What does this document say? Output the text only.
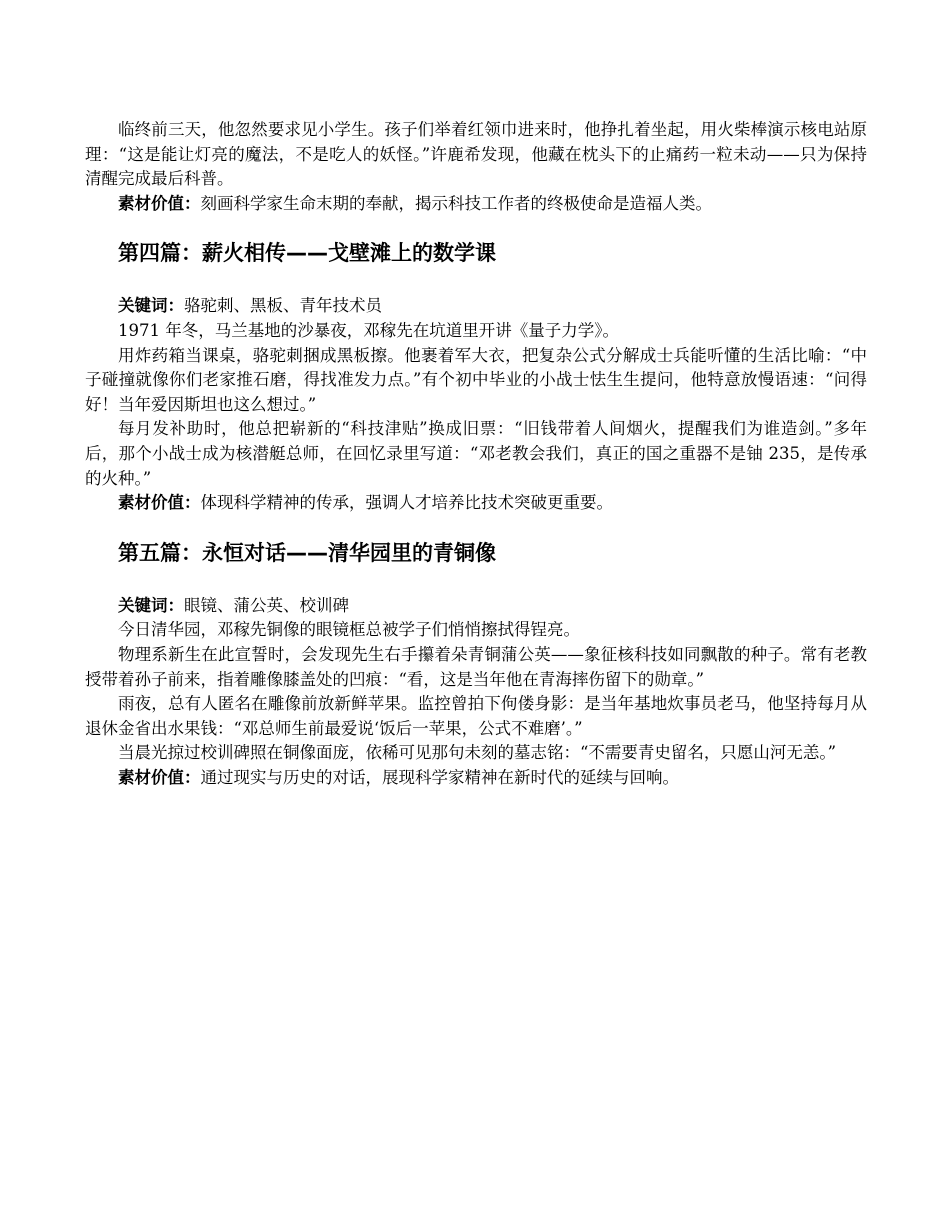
临终前三天，他忽然要求见小学生。孩子们举着红领巾进来时，他挣扎着坐起，用火柴棒演示核电站原理：“这是能让灯亮的魔法，不是吃人的妖怪。”许鹿希发现，他藏在枕头下的止痛药一粒未动——只为保持清醒完成最后科普。

素材价值：刻画科学家生命末期的奉献，揭示科技工作者的终极使命是造福人类。

第四篇：薪火相传——戈壁滩上的数学课

关键词：骆驼刺、黑板、青年技术员

1971 年冬，马兰基地的沙暴夜，邓稼先在坑道里开讲《量子力学》。

用炸药箱当课桌，骆驼刺捆成黑板擦。他裹着军大衣，把复杂公式分解成士兵能听懂的生活比喻：“中子碰撞就像你们老家推石磨，得找准发力点。”有个初中毕业的小战士怯生生提问，他特意放慢语速：“问得好！当年爱因斯坦也这么想过。”

每月发补助时，他总把崭新的“科技津贴”换成旧票：“旧钱带着人间烟火，提醒我们为谁造剑。”多年后，那个小战士成为核潜艇总师，在回忆录里写道：“邓老教会我们，真正的国之重器不是铀 235，是传承的火种。”

素材价值：体现科学精神的传承，强调人才培养比技术突破更重要。

第五篇：永恒对话——清华园里的青铜像

关键词：眼镜、蒲公英、校训碑

今日清华园，邓稼先铜像的眼镜框总被学子们悄悄擦拭得锃亮。

物理系新生在此宣誓时，会发现先生右手攥着朵青铜蒲公英——象征核科技如同飘散的种子。常有老教授带着孙子前来，指着雕像膝盖处的凹痕：“看，这是当年他在青海摔伤留下的勋章。”

雨夜，总有人匿名在雕像前放新鲜苹果。监控曾拍下佝偻身影：是当年基地炊事员老马，他坚持每月从退休金省出水果钱：“邓总师生前最爱说‘饭后一苹果，公式不难磨’。”

当晨光掠过校训碑照在铜像面庞，依稀可见那句未刻的墓志铭：“不需要青史留名，只愿山河无恙。”

素材价值：通过现实与历史的对话，展现科学家精神在新时代的延续与回响。
